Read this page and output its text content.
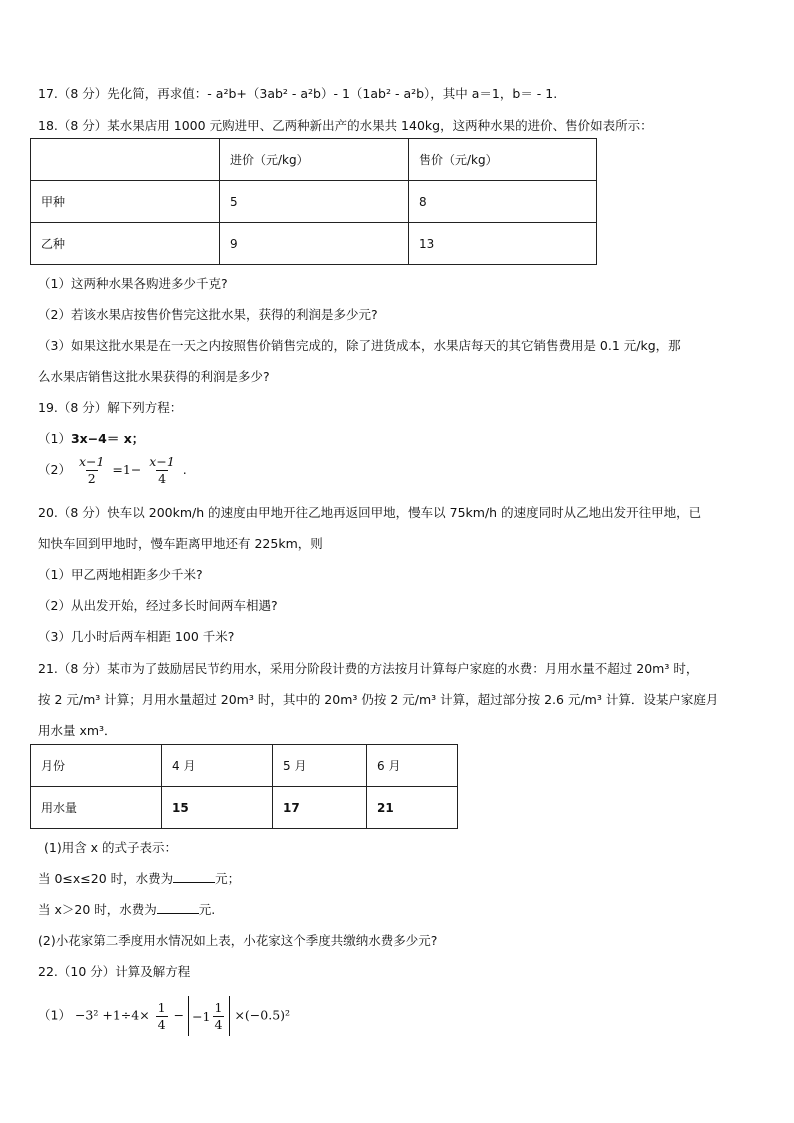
17.（8 分）先化简，再求值：- a²b+（3ab² - a²b）- 1（1ab² - a²b），其中 a＝1，b＝ - 1.
18.（8 分）某水果店用 1000 元购进甲、乙两种新出产的水果共 140kg，这两种水果的进价、售价如表所示：
	进价（元/kg）	售价（元/kg）
甲种	5	8
乙种	9	13
（1）这两种水果各购进多少千克?
（2）若该水果店按售价售完这批水果，获得的利润是多少元?
（3）如果这批水果是在一天之内按照售价销售完成的，除了进货成本，水果店每天的其它销售费用是 0.1 元/kg，那
么水果店销售这批水果获得的利润是多少?
19.（8 分）解下列方程：
（1）3x−4＝ x；
$(2) \frac{x-1}{2} =1- \frac{x-1}{4}$ .
20.（8 分）快车以 200km/h 的速度由甲地开往乙地再返回甲地，慢车以 75km/h 的速度同时从乙地出发开往甲地，已
知快车回到甲地时，慢车距离甲地还有 225km，则
（1）甲乙两地相距多少千米?
（2）从出发开始，经过多长时间两车相遇?
（3）几小时后两车相距 100 千米?
21.（8 分）某市为了鼓励居民节约用水，采用分阶段计费的方法按月计算每户家庭的水费：月用水量不超过 20m³ 时，
按 2 元/m³ 计算；月用水量超过 20m³ 时，其中的 20m³ 仍按 2 元/m³ 计算，超过部分按 2.6 元/m³ 计算．设某户家庭月
用水量 xm³．
月份	4 月	5 月	6 月
用水量	15	17	21
(1)用含 x 的式子表示：
当 0≤x≤20 时，水费为	元；
当 x＞20 时，水费为	元.
(2)小花家第二季度用水情况如上表，小花家这个季度共缴纳水费多少元?
22.（10 分）计算及解方程
$(1) -3^2 +1\div 4\times \frac{1}{4} - -1 \frac{1}{4} \times(-0.5)^2$
